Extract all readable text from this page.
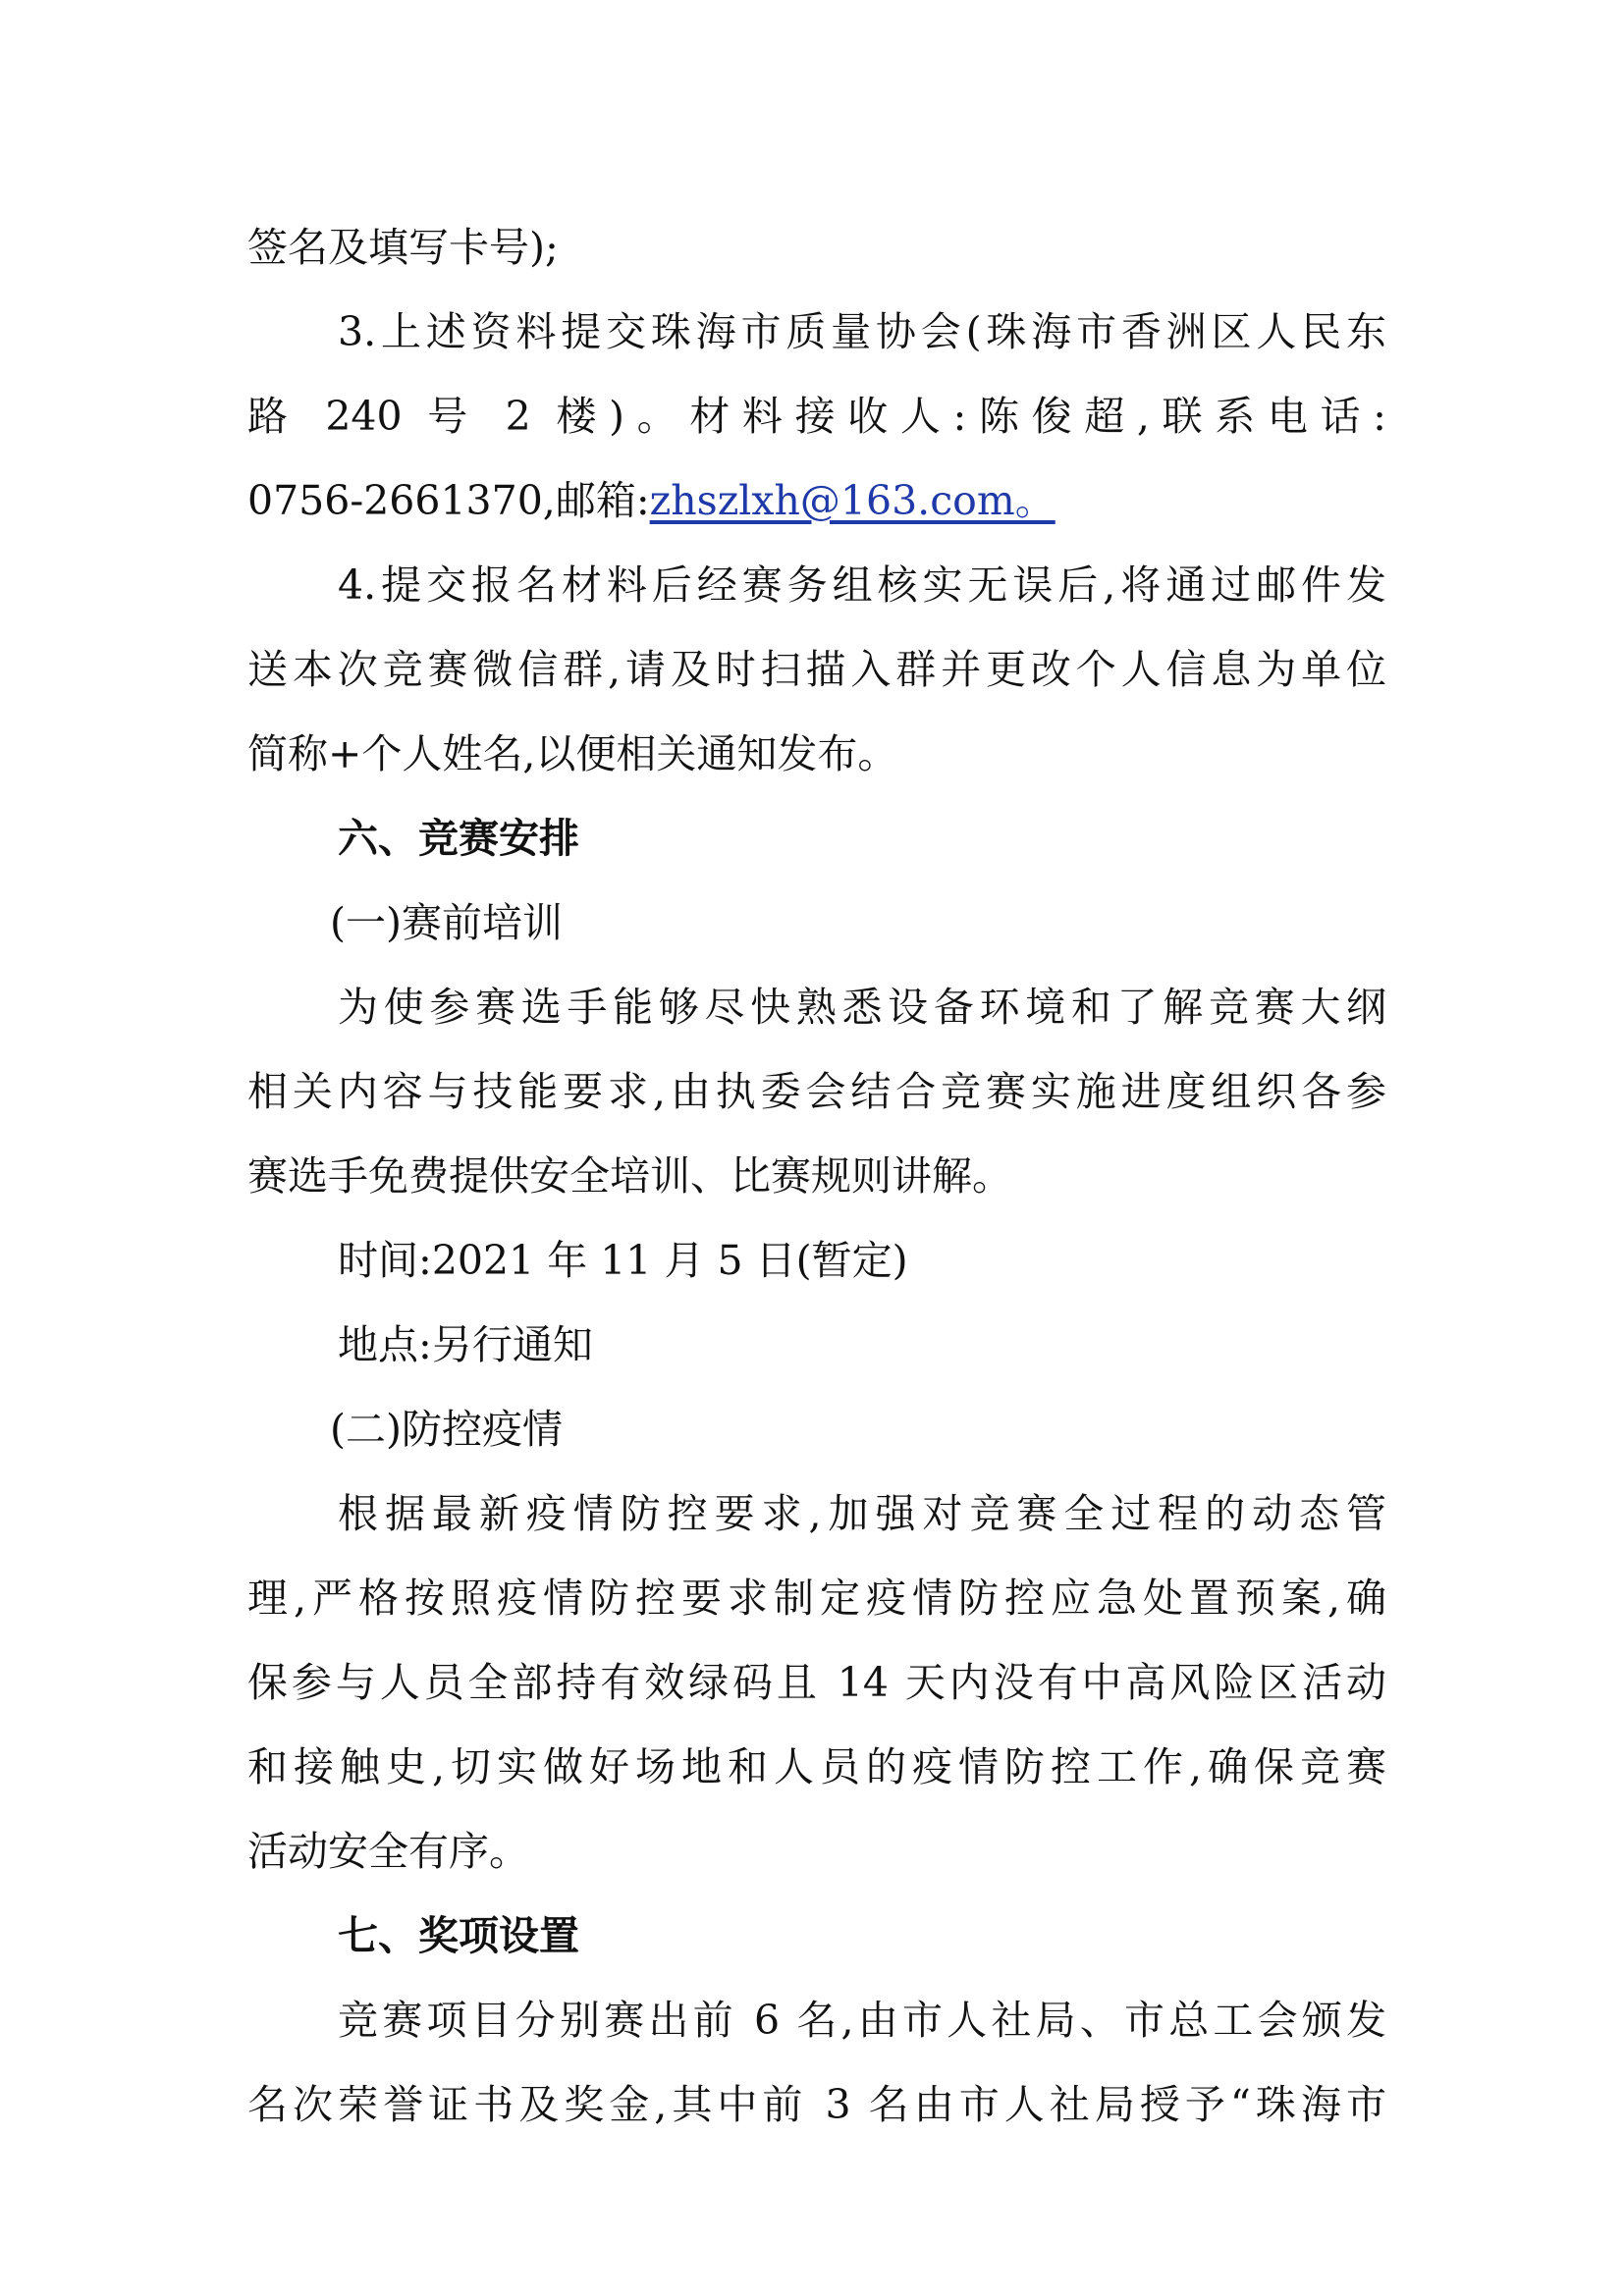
签名及填写卡号);
3.上述资料提交珠海市质量协会(珠海市香洲区人民东
路 240 号 2 楼)。材料接收人:陈俊超,联系电话:
0756-2661370,邮箱:zhszlxh@163.com。
4.提交报名材料后经赛务组核实无误后,将通过邮件发
送本次竞赛微信群,请及时扫描入群并更改个人信息为单位
简称+个人姓名,以便相关通知发布。
六、竞赛安排
(一)赛前培训
为使参赛选手能够尽快熟悉设备环境和了解竞赛大纲
相关内容与技能要求,由执委会结合竞赛实施进度组织各参
赛选手免费提供安全培训、比赛规则讲解。
时间:2021 年 11 月 5 日(暂定)
地点:另行通知
(二)防控疫情
根据最新疫情防控要求,加强对竞赛全过程的动态管
理,严格按照疫情防控要求制定疫情防控应急处置预案,确
保参与人员全部持有效绿码且 14 天内没有中高风险区活动
和接触史,切实做好场地和人员的疫情防控工作,确保竞赛
活动安全有序。
七、奖项设置
竞赛项目分别赛出前 6 名,由市人社局、市总工会颁发
名次荣誉证书及奖金,其中前 3 名由市人社局授予“珠海市
